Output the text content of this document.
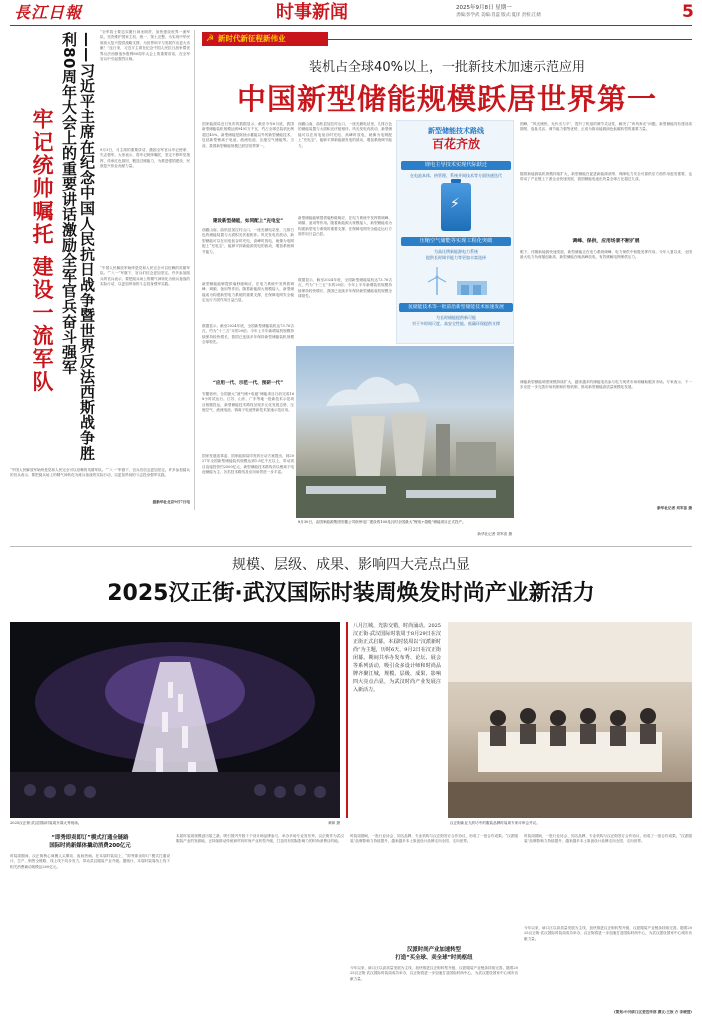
長江日報	时事新闻	2025年9月8日 星期一
责编:彭学武 美编:肖蕊 版式:夏洋 责校:江婧	5
——习近平主席在纪念中国人民抗日战争暨世界反法西斯战争胜利80周年大会上的重要讲话激励全军官兵奋斗强军
牢记统帅嘱托 建设一流军队
“全军将士要忠实履行神圣职责，加快建设世界一流军队，坚决维护国家主权、统一、领土完整，为实现中华民族伟大复兴提供战略支撑，为世界和平与发展作出更大贡献！”连日来，习近平主席在纪念中国人民抗日战争暨世界反法西斯战争胜利80周年大会上的重要讲话，在全军官兵中引起强烈反响。
9月3日，习主席的重要讲话，激励全军官兵牢记使命、矢志强军。大家表示，将牢记统帅嘱托，坚定不移听党指挥，传承红色基因，锻造过硬能力，为推进强国建设、民族复兴伟业贡献力量。
“中国人民解放军始终是党和人民完全可以信赖的英雄军队。”“八一”军旗下，官兵们信念更加坚定。许多参加阅兵的官兵表示，要把阅兵场上的精气神转化为练兵备战的实际行动，以更加昂扬的斗志投身强军实践。
“中国人民解放军始终是党和人民完全可以信赖的英雄军队。”“八一”军旗下，官兵们信念更加坚定。许多参加阅兵的官兵表示，要把阅兵场上的精气神转化为练兵备战的实际行动，以更加昂扬的斗志投身强军实践。
据新华社北京9月7日电
☭ 新时代新征程新伟业
装机占全球40%以上，一批新技术加速示范应用
中国新型储能规模跃居世界第一
国家能源局近日发布的数据显示，截至今年6月底，我国新型储能装机规模达到9491万千瓦，约占全球总装机比例超过40%。新型储能是除抽水蓄能以外的新型储能技术，包括新型锂离子电池、液流电池、压缩空气储能等。当前，我国新型储能规模已跃居世界第一。
建设新型储能，如同配上“充电宝”
西藏山南，曲松县加拉村山口，一座光储电站里，几排白色的储能装置与大面积光伏板相伴。风光发电有波动，新型储能可以在用电低谷时充电、高峰时放电，就像为电网配上“充电宝”，能够平抑新能源发电的波动，增加系统调节能力。
新型储能能够提供毫秒级响应，在电力系统中发挥着调峰、调频、备用等作用。随着新能源大规模接入，新型储能成为构建新型电力系统的重要支撑，在保障电网安全稳定运行方面作用日益凸显。
数据显示，截至2024年底，全国新型储能装机达73.76吉瓦，约为“十三五”末的20倍；今年上半年新增装机规模持续保持较快增长，我国已连续多年保持新型储能装机规模全球领先。
“应用一代、示范一代、预研一代”
安徽宿州，全国最大“液气储+电磁”储能项目日前完成168小时试运行。江苏、山东、广东等地一批新技术示范项目相继投运，新型储能技术路线呈现多元化发展态势，压缩空气、液流电池、钠离子电池等新技术加速示范应用。
国家发展改革委、国家能源局印发的行动方案提出，到2027年全国新型储能装机规模达到1.8亿千瓦以上，带动项目直接投资约2500亿元，新型储能技术路线仍以锂离子电池储能为主，各类技术路线及应用场景进一步丰富。
西藏山南，曲松县加拉村山口，一座光储电站里，几排白色的储能装置与大面积光伏板相伴。风光发电有波动，新型储能可以在用电低谷时充电、高峰时放电，就像为电网配上“充电宝”，能够平抑新能源发电的波动，增加系统调节能力。
新型储能能够提供毫秒级响应，在电力系统中发挥着调峰、调频、备用等作用。随着新能源大规模接入，新型储能成为构建新型电力系统的重要支撑，在保障电网安全稳定运行方面作用日益凸显。
数据显示，截至2024年底，全国新型储能装机达73.76吉瓦，约为“十三五”末的20倍；今年上半年新增装机规模持续保持较快增长，我国已连续多年保持新型储能装机规模全球领先。
新型储能技术路线
百花齐放
锂电主导技术实现代际跃迁
在电池本体、热管理、系统并网技术等方面快速迭代
⚡
压缩空气储能等实现工程化突破
为高比例新能源电力系统
提供长时调节能力等更加丰富选择
氢储能技术等一批前沿新型储能技术加速发展
为长时储能提供新可能
对于多时间尺度、高安全性能、低碳环保提供支撑
8月30日，由国家能源集团安徽公司宿州电厂建设的100兆瓦时全国最大“锂电+超级”储能项目正式投产。
新华社记者 刘军喜 摄
团峰，“风光储热，光伏出力平”，提升了机组的调节灵活性，解决了“弃风弃光”问题。新型储能具有建设周期短、选址灵活、调节能力强等优势，正成为推动能源绿色低碳转型的重要力量。
随着新能源装机规模持续扩大，新型储能在促进新能源消纳、保障电力安全可靠供应方面作用愈发重要，也带动了产业链上下游企业快速发展，我国储能电池出货量全球占比超过九成。
调峰、保供，应用场景不断扩展
眼下，伴随新能源快速发展，新型储能正在电力系统调峰、电力保供中积极发挥作用。今年入夏以来，全国最大电力负荷屡创新高，新型储能在晚高峰放电，有效缓解电网保供压力。
储能新型储能调度规模持续扩大，越来越多的储能电站参与电力现货市场和辅助服务市场。专家表示，下一步应进一步完善市场机制和价格机制，推动新型储能高质量规模化发展。
新华社记者 刘军喜 摄
规模、层级、成果、影响四大亮点凸显
2025汉正街·武汉国际时装周焕发时尚产业新活力
2025汉正街·武汉国际时装周开幕大秀现场。	黄咪 摄
八月江城，光影交错，时尚涌动。2025汉正街·武汉国际时装周于8月29日在汉正街正式启幕。本届时装周以“汉派新时尚”为主题，历时6天，9月2日在汉正街闭幕。期间共举办发布秀、论坛、展会等系列活动，吸引众多设计师和时尚品牌齐聚江城，规模、层级、成果、影响四大亮点凸显，为武汉时尚产业发展注入新活力。
汉正街新业九织坊中的服装品牌时装周专家评审会并议。
“即秀即卖即订”模式打通全链路
国际时尚新媒体撬动消费200亿元
时装周期间，汉正街核心商圈人头攒动、夜间热闹。在本届时装周上，“即秀即卖即订”模式打通设计、生产、销售全链路，线上线下同步发力，带动武汉服装产业升级。据统计，本届时装周线上线下相关消费撬动规模达200亿元。
本届时装周规模创历届之最，吸引国内外数十个设计师品牌参与，举办多场专业发布秀。汉正街作为武汉服装产业的发源地，正持续推动传统商贸向时尚产业转型升级，打造具有国际影响力的时尚消费目的地。
时装周期间，一批行业协会、知名品牌、专业机构与汉正街签订合作协议，形成了一批合作成果。“汉派服装”品牌影响力持续提升，越来越多本土原创设计品牌走向全国、走向世界。
汉派时尚产业加速转型
打造“买全球、卖全球”时尚枢纽
今年以来，硚口区以高质量发展为主线，加快推进汉正街转型升级，汉派服装产业链条持续完善。随着2025汉正街·武汉国际时装周成功举办，汉正街将进一步加速打造国际时尚中心，为武汉建设国家中心城市贡献力量。
时装周期间，一批行业协会、知名品牌、专业机构与汉正街签订合作协议，形成了一批合作成果。“汉派服装”品牌影响力持续提升，越来越多本土原创设计品牌走向全国、走向世界。
今年以来，硚口区以高质量发展为主线，加快推进汉正街转型升级，汉派服装产业链条持续完善。随着2025汉正街·武汉国际时装周成功举办，汉正街将进一步加速打造国际时尚中心，为武汉建设国家中心城市贡献力量。
(策划:中共硚口区委宣传部 撰文:王欣 方 李晓萱)
